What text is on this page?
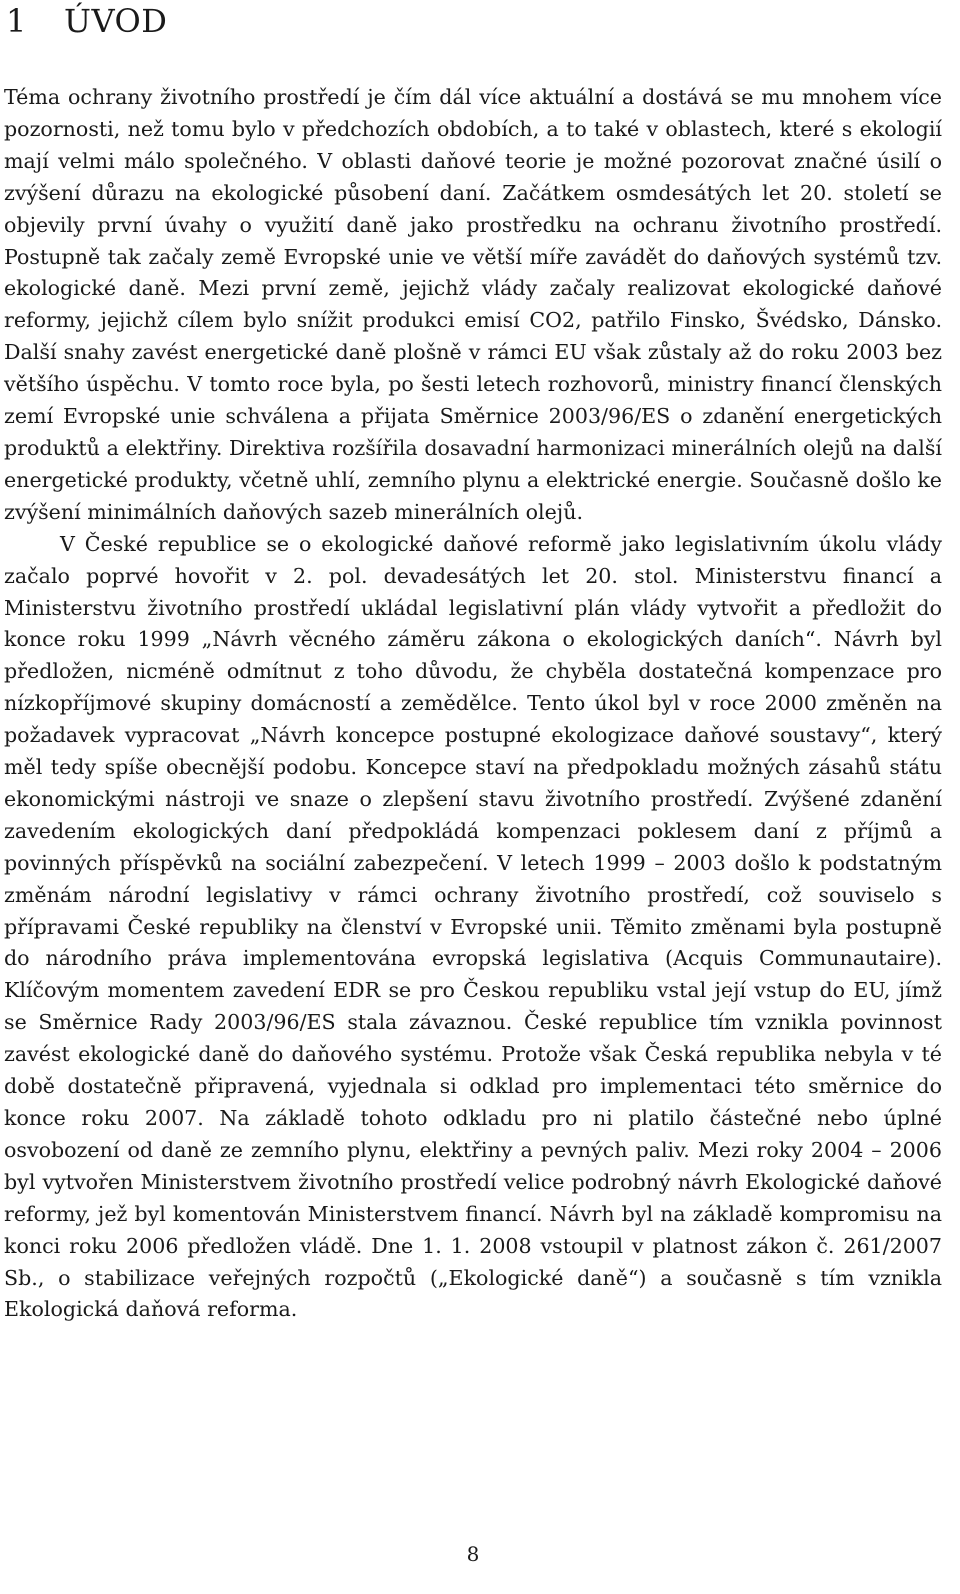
1 ÚVOD

Téma ochrany životního prostředí je čím dál více aktuální a dostává se mu mnohem více pozornosti, než tomu bylo v předchozích obdobích, a to také v oblastech, které s ekologií mají velmi málo společného. V oblasti daňové teorie je možné pozorovat značné úsilí o zvýšení důrazu na ekologické působení daní. Začátkem osmdesátých let 20. století se objevily první úvahy o využití daně jako prostředku na ochranu životního prostředí. Postupně tak začaly země Evropské unie ve větší míře zavádět do daňových systémů tzv. ekologické daně. Mezi první země, jejichž vlády začaly realizovat ekologické daňové reformy, jejichž cílem bylo snížit produkci emisí CO2, patřilo Finsko, Švédsko, Dánsko. Další snahy zavést energetické daně plošně v rámci EU však zůstaly až do roku 2003 bez většího úspěchu. V tomto roce byla, po šesti letech rozhovorů, ministry financí členských zemí Evropské unie schválena a přijata Směrnice 2003/96/ES o zdanění energetických produktů a elektřiny. Direktiva rozšířila dosavadní harmonizaci minerálních olejů na další energetické produkty, včetně uhlí, zemního plynu a elektrické energie. Současně došlo ke zvýšení minimálních daňových sazeb minerálních olejů.

V České republice se o ekologické daňové reformě jako legislativním úkolu vlády začalo poprvé hovořit v 2. pol. devadesátých let 20. stol. Ministerstvu financí a Ministerstvu životního prostředí ukládal legislativní plán vlády vytvořit a předložit do konce roku 1999 „Návrh věcného záměru zákona o ekologických daních“. Návrh byl předložen, nicméně odmítnut z toho důvodu, že chyběla dostatečná kompenzace pro nízkopříjmové skupiny domácností a zemědělce. Tento úkol byl v roce 2000 změněn na požadavek vypracovat „Návrh koncepce postupné ekologizace daňové soustavy“, který měl tedy spíše obecnější podobu. Koncepce staví na předpokladu možných zásahů státu ekonomickými nástroji ve snaze o zlepšení stavu životního prostředí. Zvýšené zdanění zavedením ekologických daní předpokládá kompenzaci poklesem daní z příjmů a povinných příspěvků na sociální zabezpečení. V letech 1999 – 2003 došlo k podstatným změnám národní legislativy v rámci ochrany životního prostředí, což souviselo s přípravami České republiky na členství v Evropské unii. Těmito změnami byla postupně do národního práva implementována evropská legislativa (Acquis Communautaire). Klíčovým momentem zavedení EDR se pro Českou republiku vstal její vstup do EU, jímž se Směrnice Rady 2003/96/ES stala závaznou. České republice tím vznikla povinnost zavést ekologické daně do daňového systému. Protože však Česká republika nebyla v té době dostatečně připravená, vyjednala si odklad pro implementaci této směrnice do konce roku 2007. Na základě tohoto odkladu pro ni platilo částečné nebo úplné osvobození od daně ze zemního plynu, elektřiny a pevných paliv. Mezi roky 2004 – 2006 byl vytvořen Ministerstvem životního prostředí velice podrobný návrh Ekologické daňové reformy, jež byl komentován Ministerstvem financí. Návrh byl na základě kompromisu na konci roku 2006 předložen vládě. Dne 1. 1. 2008 vstoupil v platnost zákon č. 261/2007 Sb., o stabilizace veřejných rozpočtů („Ekologické daně“) a současně s tím vznikla Ekologická daňová reforma.

8
